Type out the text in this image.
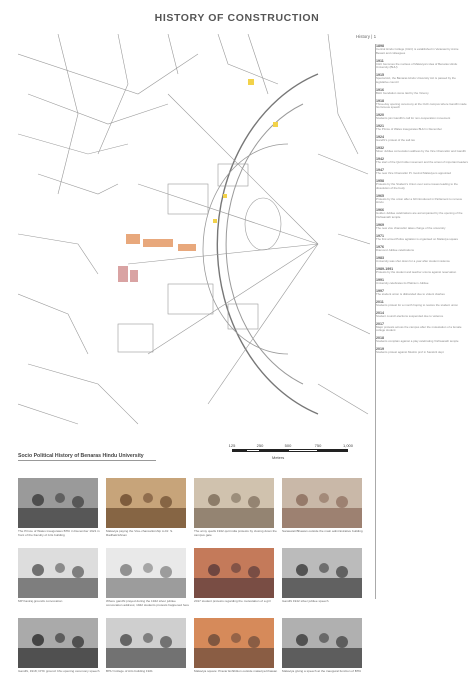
HISTORY OF CONSTRUCTION
History | 1
1898
Central Hindu College (CHC) is established in Varanasi by Annie Besant and colleagues
1911
CHC becomes the nucleus of Malaviya's idea of Benaras Hindu University (BHU)
1915
Special Act, the Banaras Hindu University Act is passed by the legislative council
1916
BHU foundation stone laid by the Viceroy
1918
Three-day opening ceremony at the CHC campus where Gandhi made his famous speech
1920
Students join Gandhi's call for non-cooperation movement
1921
The Prince of Wales inaugurates BHU in December
1924
Gandhi's protest of the salt tax
1932
Silver Jubilee convocation address by the Vice Chancellor and Gandhi
1942
The start of the Quit India movement and the arrest of important leaders
1947
The new Vice Chancellor Pt. Govind Malaviya is appointed
1958
Protests by the Student's Union over some issues leading to the dissolution of the body
1965
Protests by the union after a bill introduced in Parliament to remove Hindu
1966
Golden Jubilee celebrations are accompanied by the opening of the Vishwanath temple
1969
The new vice chancellor takes charge of the university
1971
The first armed Police agitation is organised on Malaviya square
1976
Diamond Jubilee celebrations
1983
University was shut down for a year after student violence
1989-1991
Protests by the student and teacher unions against reservation
1991
University celebrates its Platinum Jubilee
1997
The student union is disbanded due to violent clashes
2011
Students protest for a month hoping to restore the student union
2014
Student council elections suspended due to violence
2017
Major protests across the campus after the molestation of a female college student
2018
Students complain against a play celebrating Vishwanath temple
2019
Students protest against Muslim prof in Sanskrit dept
125	250	500	750	1,000
Meters
Socio Political History of Benaras Hindu University
The Prince of Wales inaugurates BHU in December 1921 in front of the Faculty of Arts building
Malaviya paying the Vice-chancellorship to Dr. S. Radhakrishnan
The army quells 1942 quit india protests by closing down the campus gate
Saraswati Bhawan outside the main administrative building
MP Kaviraj grounds convocation	Where gandhi prayed during the 1942 silver jubilee convocation address; 1942 students protests happened here
2017 student protests regarding the molestation of a girl	Gandhi 1942 silver jubilee speech
Gandhi, 1918; CHC ground: bhu opening ceremony speech	BHU College of Arts building 1921	Malaviya square: Pravar Exhibition outside malaviya bhawan Malaviya giving a speech at the inaugural function of BHU
